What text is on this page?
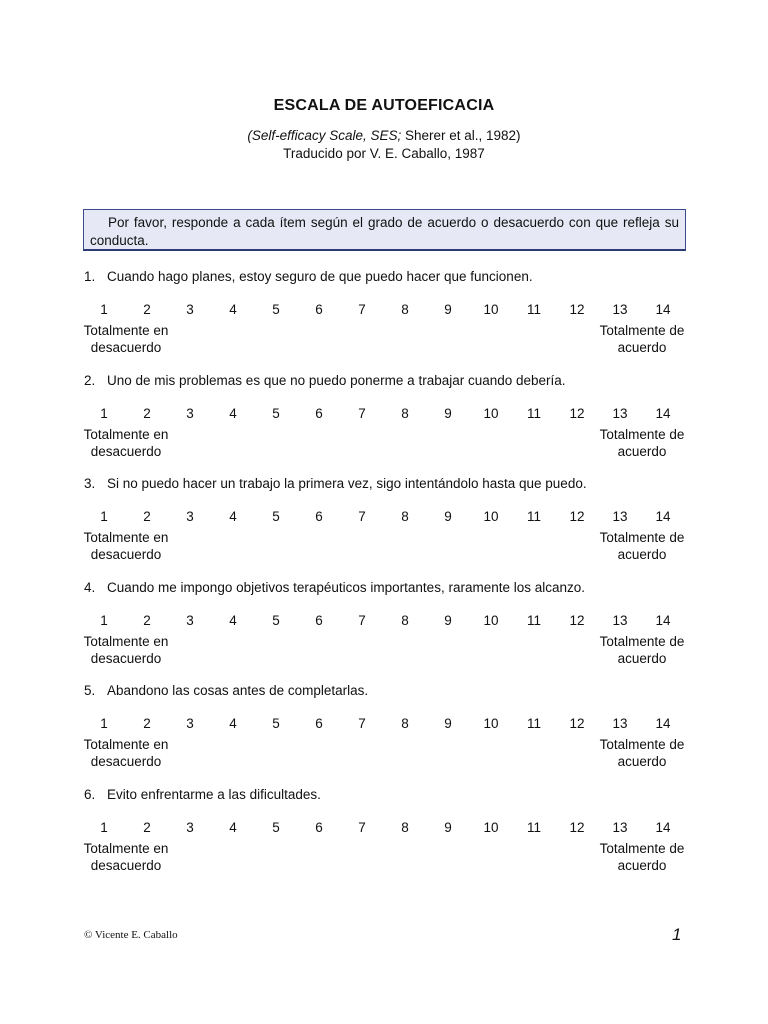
ESCALA DE AUTOEFICACIA
(Self-efficacy Scale, SES; Sherer et al., 1982)
Traducido por V. E. Caballo, 1987
Por favor, responde a cada ítem según el grado de acuerdo o desacuerdo con que refleja su conducta.
1. Cuando hago planes, estoy seguro de que puedo hacer que funcionen.
1	2	3	4	5	6	7	8	9	10	11	12	13	14
Totalmente en
desacuerdo
Totalmente de
acuerdo
2. Uno de mis problemas es que no puedo ponerme a trabajar cuando debería.
1	2	3	4	5	6	7	8	9	10	11	12	13	14
Totalmente en
desacuerdo
Totalmente de
acuerdo
3. Si no puedo hacer un trabajo la primera vez, sigo intentándolo hasta que puedo.
1	2	3	4	5	6	7	8	9	10	11	12	13	14
Totalmente en
desacuerdo
Totalmente de
acuerdo
4. Cuando me impongo objetivos terapéuticos importantes, raramente los alcanzo.
1	2	3	4	5	6	7	8	9	10	11	12	13	14
Totalmente en
desacuerdo
Totalmente de
acuerdo
5. Abandono las cosas antes de completarlas.
1	2	3	4	5	6	7	8	9	10	11	12	13	14
Totalmente en
desacuerdo
Totalmente de
acuerdo
6. Evito enfrentarme a las dificultades.
1	2	3	4	5	6	7	8	9	10	11	12	13	14
Totalmente en
desacuerdo
Totalmente de
acuerdo
© Vicente E. Caballo	1
